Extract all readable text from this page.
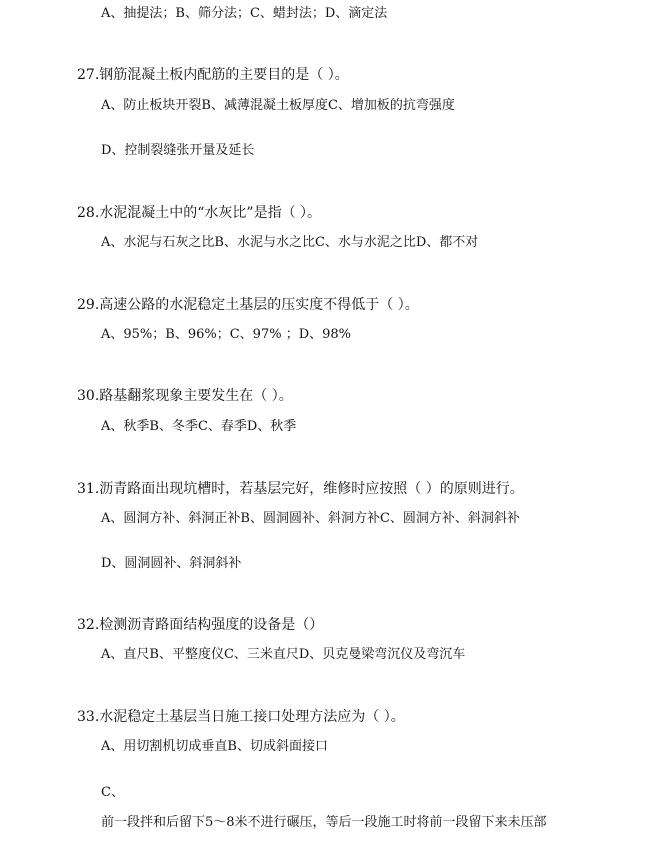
A、抽提法；B、筛分法；C、蜡封法；D、滴定法
27.钢筋混凝土板内配筋的主要目的是（ ）。
A、防止板块开裂B、减薄混凝土板厚度C、增加板的抗弯强度
D、控制裂缝张开量及延长
28.水泥混凝土中的“水灰比”是指（ ）。
A、水泥与石灰之比B、水泥与水之比C、水与水泥之比D、都不对
29.高速公路的水泥稳定土基层的压实度不得低于（ ）。
A、95%；B、96%；C、97% ；D、98%
30.路基翻浆现象主要发生在（ ）。
A、秋季B、冬季C、春季D、秋季
31.沥青路面出现坑槽时，若基层完好，维修时应按照（ ）的原则进行。
A、圆洞方补、斜洞正补B、圆洞圆补、斜洞方补C、圆洞方补、斜洞斜补
D、圆洞圆补、斜洞斜补
32.检测沥青路面结构强度的设备是（）
A、直尺B、平整度仪C、三米直尺D、贝克曼梁弯沉仪及弯沉车
33.水泥稳定土基层当日施工接口处理方法应为（ ）。
A、用切割机切成垂直B、切成斜面接口
C、
前一段拌和后留下5～8米不进行碾压，等后一段施工时将前一段留下来未压部
